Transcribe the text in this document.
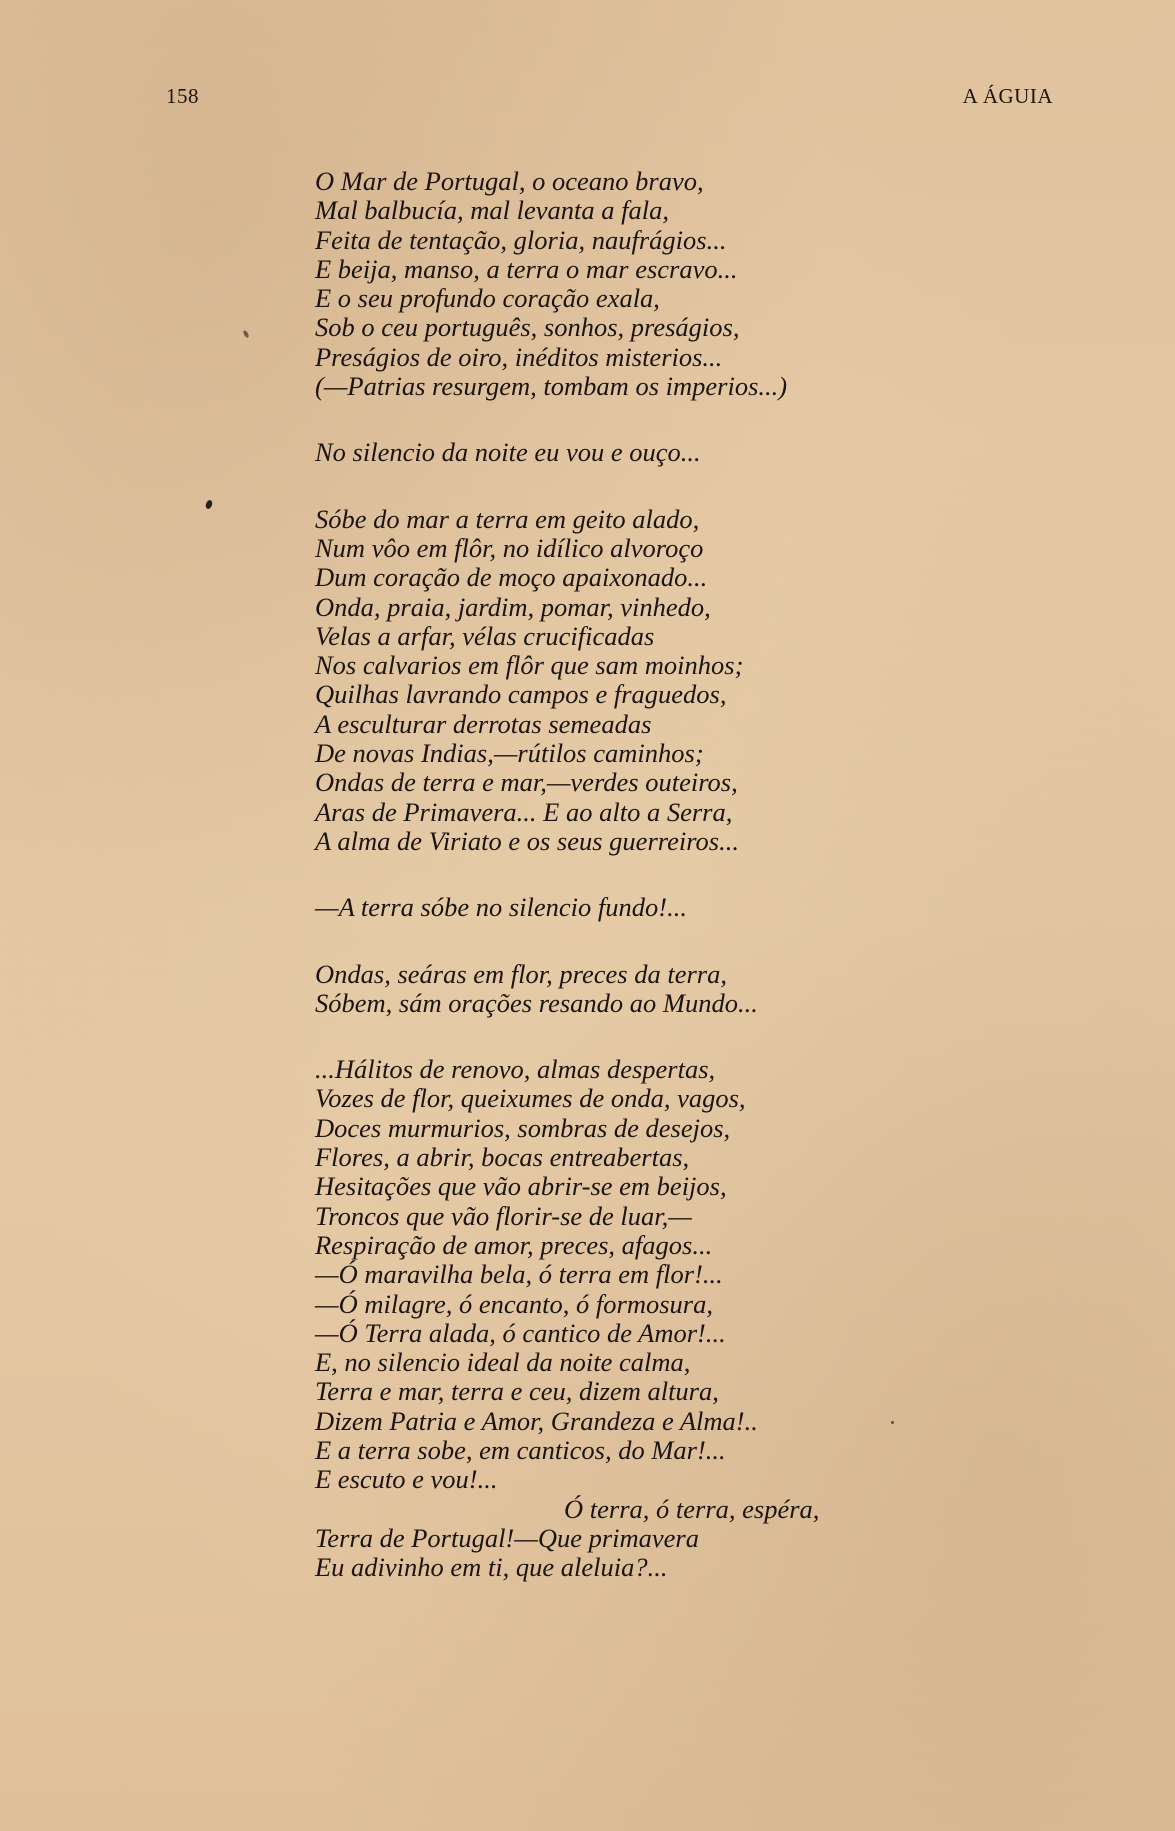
158	A ÁGUIA
O Mar de Portugal, o oceano bravo,
Mal balbucía, mal levanta a fala,
Feita de tentação, gloria, naufrágios...
E beija, manso, a terra o mar escravo...
E o seu profundo coração exala,
Sob o ceu português, sonhos, preságios,
Preságios de oiro, inéditos misterios...
(—Patrias resurgem, tombam os imperios...)
No silencio da noite eu vou e ouço...
Sóbe do mar a terra em geito alado,
Num vôo em flôr, no idílico alvoroço
Dum coração de moço apaixonado...
Onda, praia, jardim, pomar, vinhedo,
Velas a arfar, vélas crucificadas
Nos calvarios em flôr que sam moinhos;
Quilhas lavrando campos e fraguedos,
A esculturar derrotas semeadas
De novas Indias,—rútilos caminhos;
Ondas de terra e mar,—verdes outeiros,
Aras de Primavera... E ao alto a Serra,
A alma de Viriato e os seus guerreiros...
—A terra sóbe no silencio fundo!...
Ondas, seáras em flor, preces da terra,
Sóbem, sám orações resando ao Mundo...
...Hálitos de renovo, almas despertas,
Vozes de flor, queixumes de onda, vagos,
Doces murmurios, sombras de desejos,
Flores, a abrir, bocas entreabertas,
Hesitações que vão abrir-se em beijos,
Troncos que vão florir-se de luar,—
Respiração de amor, preces, afagos...
—Ó maravilha bela, ó terra em flor!...
—Ó milagre, ó encanto, ó formosura,
—Ó Terra alada, ó cantico de Amor!...
E, no silencio ideal da noite calma,
Terra e mar, terra e ceu, dizem altura,
Dizem Patria e Amor, Grandeza e Alma!..
E a terra sobe, em canticos, do Mar!...
E escuto e vou!...
Ó terra, ó terra, espéra,
Terra de Portugal!—Que primavera
Eu adivinho em ti, que aleluia?...
